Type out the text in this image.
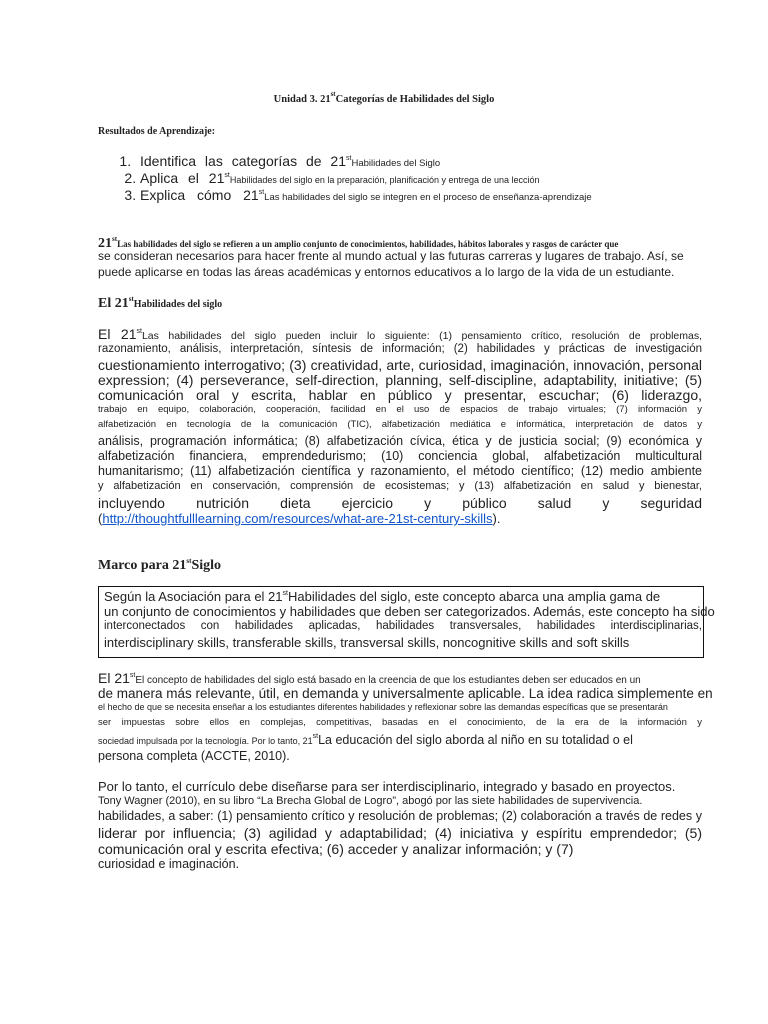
Unidad 3. 21stCategorías de Habilidades del Siglo
Resultados de Aprendizaje:
1. Identifica las categorías de 21stHabilidades del Siglo
2. Aplica el 21stHabilidades del siglo en la preparación, planificación y entrega de una lección
3. Explica cómo 21stLas habilidades del siglo se integren en el proceso de enseñanza-aprendizaje
21stLas habilidades del siglo se refieren a un amplio conjunto de conocimientos, habilidades, hábitos laborales y rasgos de carácter que
se consideran necesarios para hacer frente al mundo actual y las futuras carreras y lugares de trabajo. Así, se
puede aplicarse en todas las áreas académicas y entornos educativos a lo largo de la vida de un estudiante.
El 21stHabilidades del siglo
El 21stLas habilidades del siglo pueden incluir lo siguiente: (1) pensamiento crítico, resolución de problemas,
razonamiento, análisis, interpretación, síntesis de información; (2) habilidades y prácticas de investigación
cuestionamiento interrogativo; (3) creatividad, arte, curiosidad, imaginación, innovación, personal
expression; (4) perseverance, self-direction, planning, self-discipline, adaptability, initiative; (5)
comunicación oral y escrita, hablar en público y presentar, escuchar; (6) liderazgo,
trabajo en equipo, colaboración, cooperación, facilidad en el uso de espacios de trabajo virtuales; (7) información y
alfabetización en tecnología de la comunicación (TIC), alfabetización mediática e informática, interpretación de datos y
análisis, programación informática; (8) alfabetización cívica, ética y de justicia social; (9) económica y
alfabetización financiera, emprendedurismo; (10) conciencia global, alfabetización multicultural
humanitarismo; (11) alfabetización científica y razonamiento, el método científico; (12) medio ambiente
y alfabetización en conservación, comprensión de ecosistemas; y (13) alfabetización en salud y bienestar,
incluyendo nutrición dieta ejercicio y público salud y seguridad
(http://thoughtfulllearning.com/resources/what-are-21st-century-skills).
Marco para 21stSiglo
Según la Asociación para el 21stHabilidades del siglo, este concepto abarca una amplia gama de
un conjunto de conocimientos y habilidades que deben ser categorizados. Además, este concepto ha sido
interconectados con habilidades aplicadas, habilidades transversales, habilidades interdisciplinarias,
interdisciplinary skills, transferable skills, transversal skills, noncognitive skills and soft skills
El 21stEl concepto de habilidades del siglo está basado en la creencia de que los estudiantes deben ser educados en un
de manera más relevante, útil, en demanda y universalmente aplicable. La idea radica simplemente en
el hecho de que se necesita enseñar a los estudiantes diferentes habilidades y reflexionar sobre las demandas específicas que se presentarán
ser impuestas sobre ellos en complejas, competitivas, basadas en el conocimiento, de la era de la información y
sociedad impulsada por la tecnología. Por lo tanto, 21stLa educación del siglo aborda al niño en su totalidad o el
persona completa (ACCTE, 2010).
Por lo tanto, el currículo debe diseñarse para ser interdisciplinario, integrado y basado en proyectos.
Tony Wagner (2010), en su libro “La Brecha Global de Logro”, abogó por las siete habilidades de supervivencia.
habilidades, a saber: (1) pensamiento crítico y resolución de problemas; (2) colaboración a través de redes y
liderar por influencia; (3) agilidad y adaptabilidad; (4) iniciativa y espíritu emprendedor; (5)
comunicación oral y escrita efectiva; (6) acceder y analizar información; y (7)
curiosidad e imaginación.
